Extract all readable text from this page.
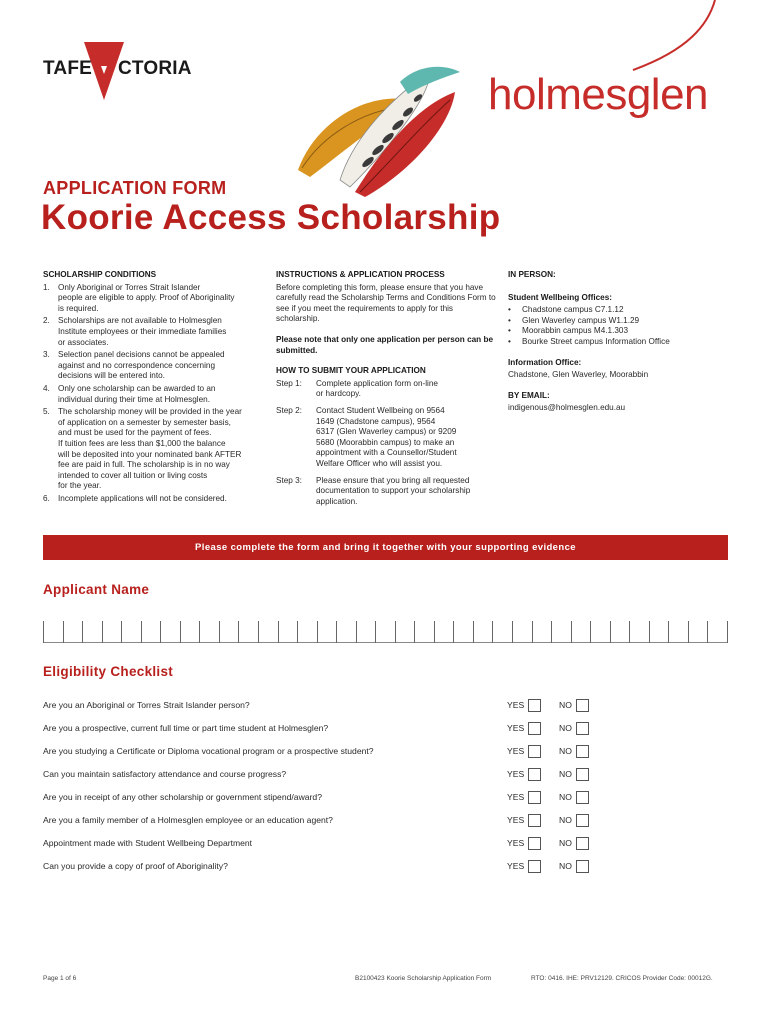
TAFE CTORIA
holmesglen
APPLICATION FORM
Koorie Access Scholarship
SCHOLARSHIP CONDITIONS
1. Only Aboriginal or Torres Strait Islander
people are eligible to apply. Proof of Aboriginality
is required.
2. Scholarships are not available to Holmesglen
Institute employees or their immediate families
or associates.
3. Selection panel decisions cannot be appealed
against and no correspondence concerning
decisions will be entered into.
4. Only one scholarship can be awarded to an
individual during their time at Holmesglen.
5. The scholarship money will be provided in the year
of application on a semester by semester basis,
and must be used for the payment of fees.
If tuition fees are less than $1,000 the balance
will be deposited into your nominated bank AFTER
fee are paid in full. The scholarship is in no way
intended to cover all tuition or living costs
for the year.
6. Incomplete applications will not be considered.
INSTRUCTIONS & APPLICATION PROCESS
Before completing this form, please ensure that you have carefully read the Scholarship Terms and Conditions Form to see if you meet the requirements to apply for this scholarship.
Please note that only one application per person can be submitted.
HOW TO SUBMIT YOUR APPLICATION
Step 1:	Complete application form on-line
or hardcopy.
Step 2:	Contact Student Wellbeing on 9564
1649 (Chadstone campus), 9564
6317 (Glen Waverley campus) or 9209
5680 (Moorabbin campus) to make an
appointment with a Counsellor/Student
Welfare Officer who will assist you.
Step 3:	Please ensure that you bring all requested
documentation to support your scholarship
application.
IN PERSON:
Student Wellbeing Offices:
•	Chadstone campus C7.1.12
•	Glen Waverley campus W1.1.29
•	Moorabbin campus M4.1.303
•	Bourke Street campus Information Office
Information Office:
Chadstone, Glen Waverley, Moorabbin
BY EMAIL:
indigenous@holmesglen.edu.au
Please complete the form and bring it together with your supporting evidence
Applicant Name
Eligibility Checklist
Are you an Aboriginal or Torres Strait Islander person?	YES	NO
Are you a prospective, current full time or part time student at Holmesglen?	YES	NO
Are you studying a Certificate or Diploma vocational program or a prospective student?	YES	NO
Can you maintain satisfactory attendance and course progress?	YES	NO
Are you in receipt of any other scholarship or government stipend/award?	YES	NO
Are you a family member of a Holmesglen employee or an education agent?	YES	NO
Appointment made with Student Wellbeing Department	YES	NO
Can you provide a copy of proof of Aboriginality?	YES	NO
Page 1 of 6	B2100423 Koorie Scholarship Application Form	RTO: 0416. IHE: PRV12129. CRICOS Provider Code: 00012G.
